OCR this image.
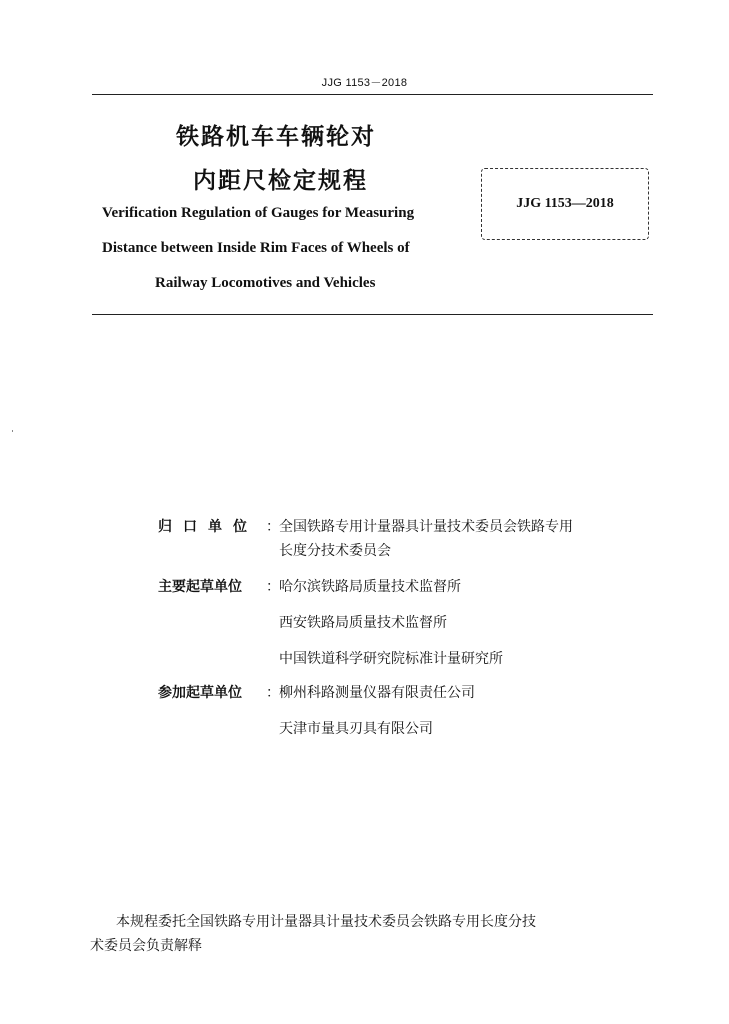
JJG 1153－2018
铁路机车车辆轮对
内距尺检定规程
Verification Regulation of Gauges for Measuring
Distance between Inside Rim Faces of Wheels of
Railway Locomotives and Vehicles
JJG 1153—2018
归口单位 ： 全国铁路专用计量器具计量技术委员会铁路专用
长度分技术委员会
主要起草单位 ： 哈尔滨铁路局质量技术监督所
西安铁路局质量技术监督所
中国铁道科学研究院标准计量研究所
参加起草单位 ： 柳州科路测量仪器有限责任公司
天津市量具刃具有限公司
本规程委托全国铁路专用计量器具计量技术委员会铁路专用长度分技
术委员会负责解释
